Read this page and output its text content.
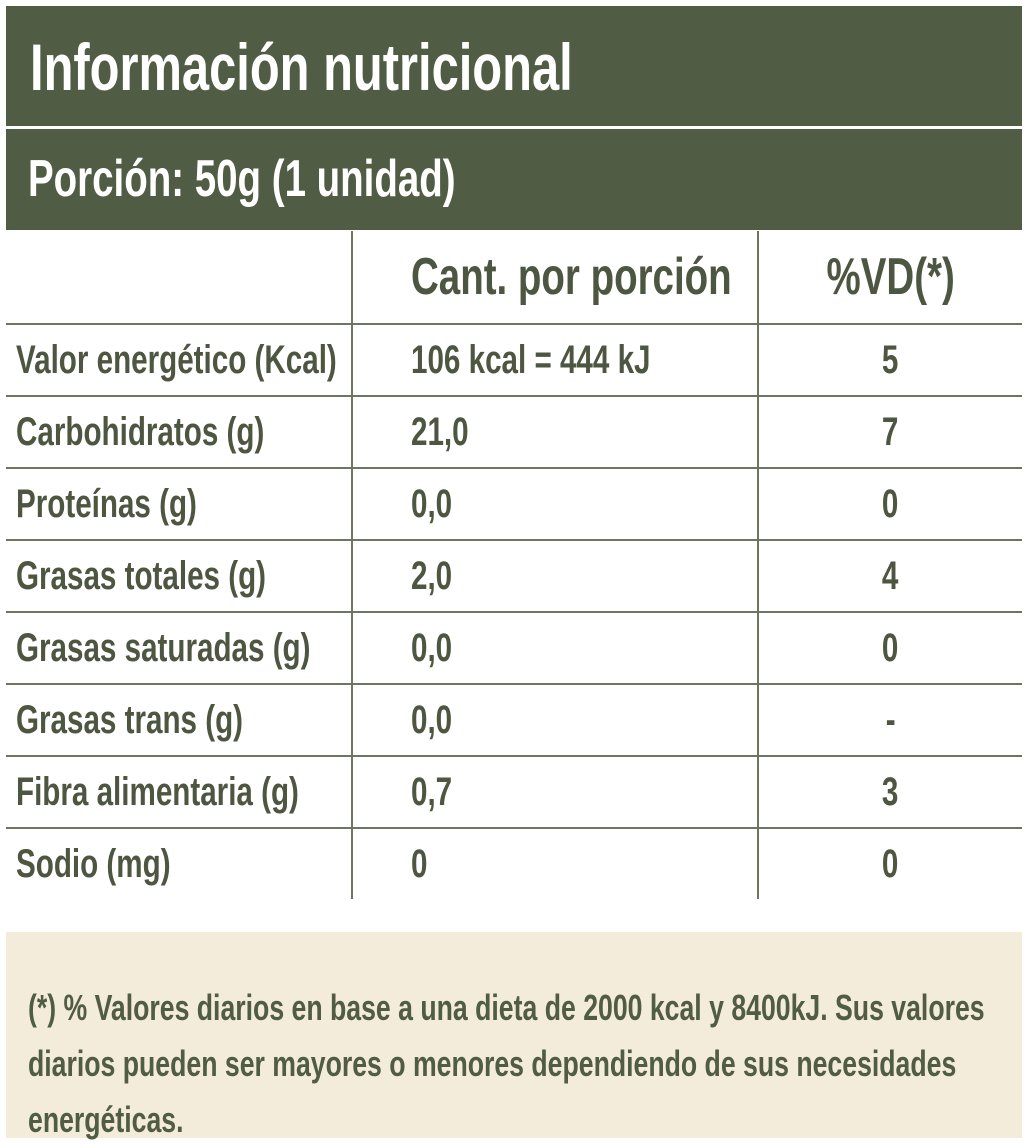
Información nutricional
Porción: 50g (1 unidad)
	Cant. por porción	%VD(*)
Valor energético (Kcal)	106 kcal = 444 kJ	5
Carbohidratos (g)	21,0	7
Proteínas (g)	0,0	0
Grasas totales (g)	2,0	4
Grasas saturadas (g)	0,0	0
Grasas trans (g)	0,0	-
Fibra alimentaria (g)	0,7	3
Sodio (mg)	0	0
(*) % Valores diarios en base a una dieta de 2000 kcal y 8400kJ. Sus valores diarios pueden ser mayores o menores dependiendo de sus necesidades energéticas.
